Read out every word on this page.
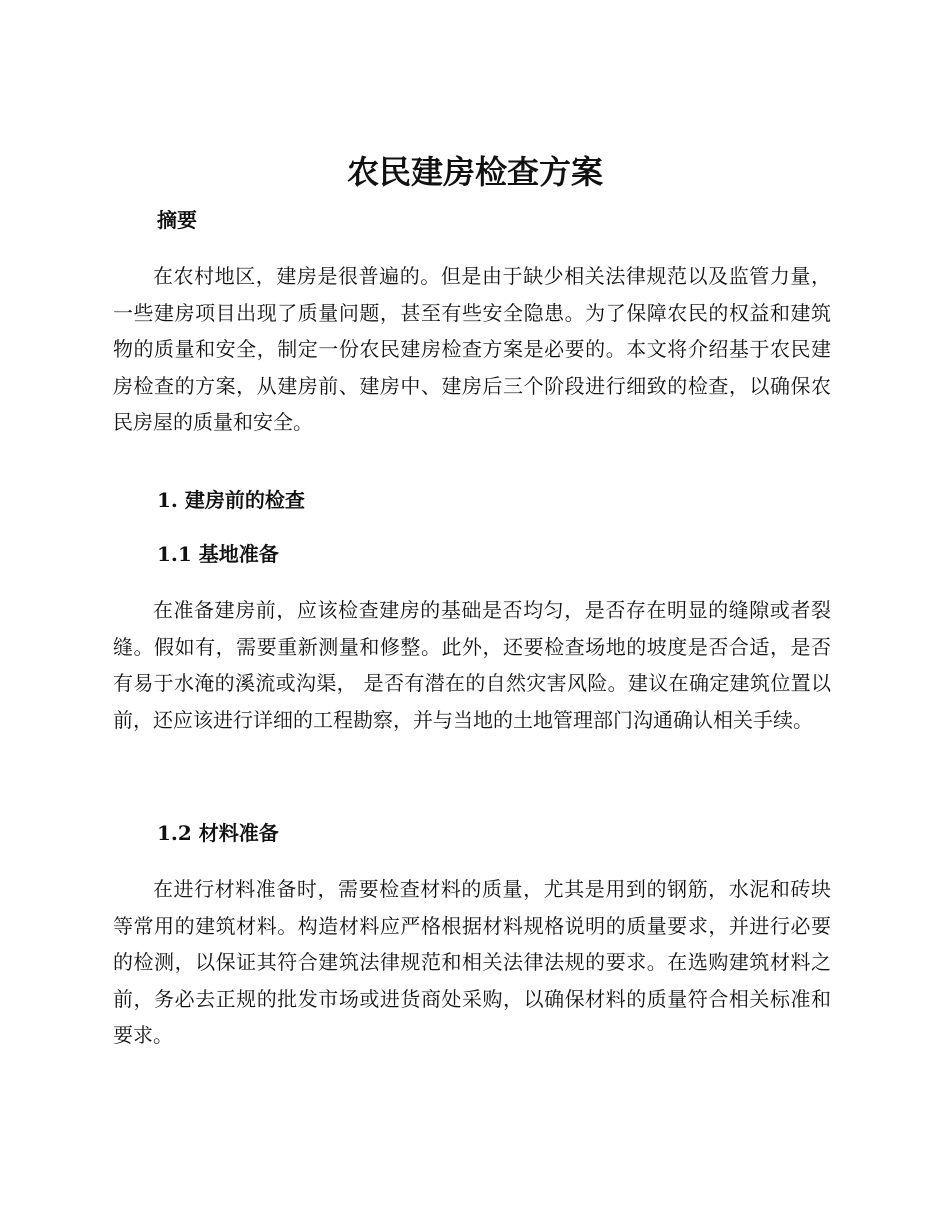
农民建房检查方案
摘要

在农村地区，建房是很普遍的。但是由于缺少相关法律规范以及监管力量，一些建房项目出现了质量问题，甚至有些安全隐患。为了保障农民的权益和建筑物的质量和安全，制定一份农民建房检查方案是必要的。本文将介绍基于农民建房检查的方案，从建房前、建房中、建房后三个阶段进行细致的检查，以确保农民房屋的质量和安全。

1. 建房前的检查
1.1 基地准备

在准备建房前，应该检查建房的基础是否均匀，是否存在明显的缝隙或者裂缝。假如有，需要重新测量和修整。此外，还要检查场地的坡度是否合适，是否有易于水淹的溪流或沟渠， 是否有潜在的自然灾害风险。建议在确定建筑位置以前，还应该进行详细的工程勘察，并与当地的土地管理部门沟通确认相关手续。

1.2 材料准备

在进行材料准备时，需要检查材料的质量，尤其是用到的钢筋，水泥和砖块等常用的建筑材料。构造材料应严格根据材料规格说明的质量要求，并进行必要的检测，以保证其符合建筑法律规范和相关法律法规的要求。在选购建筑材料之前，务必去正规的批发市场或进货商处采购，以确保材料的质量符合相关标准和要求。
